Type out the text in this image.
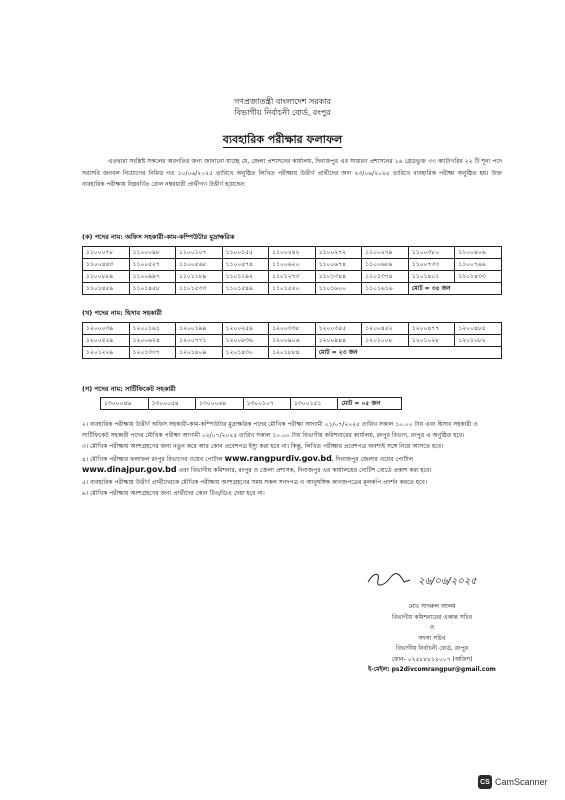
গণপ্রজাতন্ত্রী বাংলাদেশ সরকার
বিভাগীয় নির্বাচনী বোর্ড, রংপুর
ব্যবহারিক পরীক্ষার ফলাফল
এতদ্বারা সংশ্লিষ্ট সকলের অবগতির জন্য জানানো যাচ্ছে যে, জেলা প্রশাসনের কার্যালয়, দিনাজপুর এর সাধারণ প্রশাসনের ১৬ গ্রেডভুক্ত ৩৩ ক্যাটাগরির ২২ টি শূন্য পদে সরাসরি জনবল নিয়োগের নিমিত্ত গত ১০/০৬/২০২৫ তারিখে অনুষ্ঠিত লিখিত পরীক্ষায় উত্তীর্ণ প্রার্থীদের অদ্য ২৩/০৬/২০২৫ তারিখে ব্যবহারিক পরীক্ষা অনুষ্ঠিত হয়। উক্ত ব্যবহারিক পরীক্ষায় নিম্নবর্ণিত রোল নম্বরধারী প্রার্থীগণ উত্তীর্ণ হয়েছেন:
(ক) পদের নাম: অফিস সহকারী-কাম-কম্পিউটার মুদ্রাক্ষরিক
১১০০০৭৮	১১০০০৯৮	১১০০১০৭	১১০০১৫৫	১১০০২৪২	১১০০২৭২	১১০০২৭৯	১১০০৩৮০	১১০০৪০৬
১১০০৪৪৩	১১০০৫২৭	১১০০৫৬৮	১১০০৫৭৪	১১০০৬২০	১১০০৬৭৪	১১০০৬৮৯	১১০০৭৩৩	১১০০৭৯৬
১১০০৮৮৯	১১০০৯৯৭	১১০১১৮৯	১১০১১৯২	১১০১২৭৩	১১০১৩৪৪	১১০১৩৭৪	১১০১৪০১	১১০১৪৩৩
১১০১৪৫৯	১১০১৪৫৮	১১০১৫৩৩	১১০১৫৪৯	১১০১৫৫০	১১০১৬০০	১১০১৬১৬	মোট = ৩৪ জন	
(খ) পদের নাম: হিসাব সহকারী
১২০০০৩৯	১২০০১৬১	১২০০১৯৯	১২০০২৫৯	১২০০৩৩৮	১২০০৩৫৫	১২০০৪৫২	১২০০৪৭৭	১২০০৪৮৫
১২০০৫২৯	১২০০৬২৪	১২০০৭৭১	১২০০৮৩৬	১২০০৯০৬	১২০০৯৪৪	১২০১০০৮	১২০১০২৮	১২০১০৮২
১২০১২২৯	১২০১৩৩৭	১২০১৪০৯	১২০১৪৩০	১২০১৮৮৪	মোট = ২৩ জন			
(গ) পদের নাম: সার্টিফিকেট সহকারী
১৩০০০৪৬	১৩০০০৫৪	১৩০০০৬৪	১৩০০১০৭	১৩০০১৫১	মোট = ০৫ জন

২। ব্যবহারিক পরীক্ষায় উত্তীর্ণ অফিস সহকারী-কাম-কম্পিউটার মুদ্রাক্ষরিক পদের মৌখিক পরীক্ষা আগামী ০১/০৭/২০২৫ তারিখ সকাল ১০.০০ টায় এবং হিসাব সহকারী ও সার্টিফিকেট সহকারী পদের মৌখিক পরীক্ষা আগামী ০২/০৭/২০২৫ তারিখ সকাল ১০.০০ টায় বিভাগীয় কমিশনারের কার্যালয়, রংপুর বিভাগ, রংপুর এ অনুষ্ঠিত হবে।

৩। মৌখিক পরীক্ষায় অংশগ্রহণের জন্য নতুন করে আর কোন প্রবেশপত্র ইস্যু করা হবে না। কিন্তু, লিখিত পরীক্ষার প্রবেশপত্র অবশ্যই সঙ্গে নিয়ে আসতে হবে।

৪। মৌখিক পরীক্ষার ফলাফল রংপুর বিভাগের ওয়েব পোর্টাল www.rangpurdiv.gov.bd, দিনাজপুর জেলার ওয়েব পোর্টাল www.dinajpur.gov.bd এবং বিভাগীয় কমিশনার, রংপুর ও জেলা প্রশাসক, দিনাজপুর এর কার্যালয়ের নোটিশ বোর্ডে প্রকাশ করা হবে।

৫। ব্যবহারিক পরীক্ষায় উত্তীর্ণ প্রার্থীদেরকে মৌখিক পরীক্ষায় অংশগ্রহণের সময় সকল সনদপত্র ও আনুষঙ্গিক কাগজপত্রের মূলকপি প্রদর্শন করতে হবে।

৬। মৌখিক পরীক্ষায় অংশগ্রহণের জন্য প্রার্থীদের কোন টিএ/ডিএ দেয়া হবে না।

২৬/০৬/২০২৫
মোঃ সাদরুল আলম
বিভাগীয় কমিশনারের একান্ত সচিব
ও
সদস্য সচিব
বিভাগীয় নির্বাচনী বোর্ড, রংপুর
ফোন- ০২৫৮৮৮১২০০৭ (অফিস)
ই-মেইল: ps2divcomrangpur@gmail.com
CS CamScanner
